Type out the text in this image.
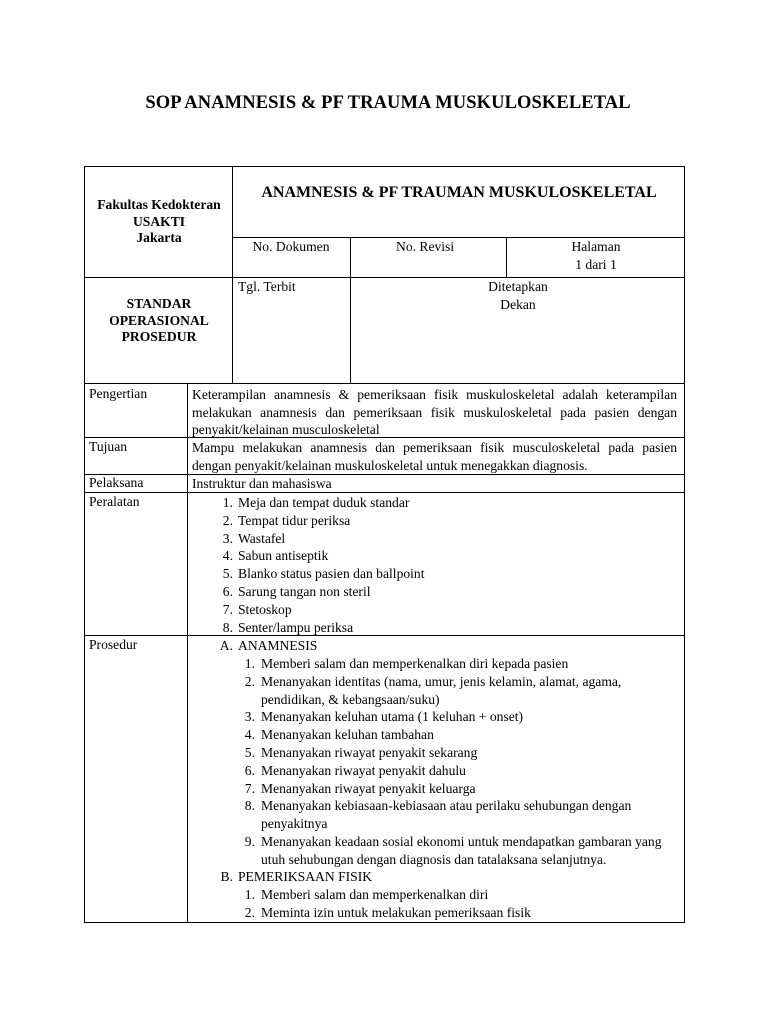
SOP ANAMNESIS & PF TRAUMA MUSKULOSKELETAL
Fakultas Kedokteran
USAKTI
Jakarta
ANAMNESIS & PF TRAUMAN MUSKULOSKELETAL
No. Dokumen	No. Revisi	Halaman
1 dari 1
STANDAR
OPERASIONAL
PROSEDUR
Tgl. Terbit	Ditetapkan
Dekan
Pengertian	Keterampilan anamnesis & pemeriksaan fisik muskuloskeletal adalah keterampilan melakukan anamnesis dan pemeriksaan fisik muskuloskeletal pada pasien dengan penyakit/kelainan musculoskeletal
Tujuan	Mampu melakukan anamnesis dan pemeriksaan fisik musculoskeletal pada pasien dengan penyakit/kelainan muskuloskeletal untuk menegakkan diagnosis.
Pelaksana	Instruktur dan mahasiswa
Peralatan	1. Meja dan tempat duduk standar
2. Tempat tidur periksa
3. Wastafel
4. Sabun antiseptik
5. Blanko status pasien dan ballpoint
6. Sarung tangan non steril
7. Stetoskop
8. Senter/lampu periksa
Prosedur	A. ANAMNESIS
1. Memberi salam dan memperkenalkan diri kepada pasien
2. Menanyakan identitas (nama, umur, jenis kelamin, alamat, agama, pendidikan, & kebangsaan/suku)
3. Menanyakan keluhan utama (1 keluhan + onset)
4. Menanyakan keluhan tambahan
5. Menanyakan riwayat penyakit sekarang
6. Menanyakan riwayat penyakit dahulu
7. Menanyakan riwayat penyakit keluarga
8. Menanyakan kebiasaan-kebiasaan atau perilaku sehubungan dengan penyakitnya
9. Menanyakan keadaan sosial ekonomi untuk mendapatkan gambaran yang utuh sehubungan dengan diagnosis dan tatalaksana selanjutnya.
B. PEMERIKSAAN FISIK
1. Memberi salam dan memperkenalkan diri
2. Meminta izin untuk melakukan pemeriksaan fisik
